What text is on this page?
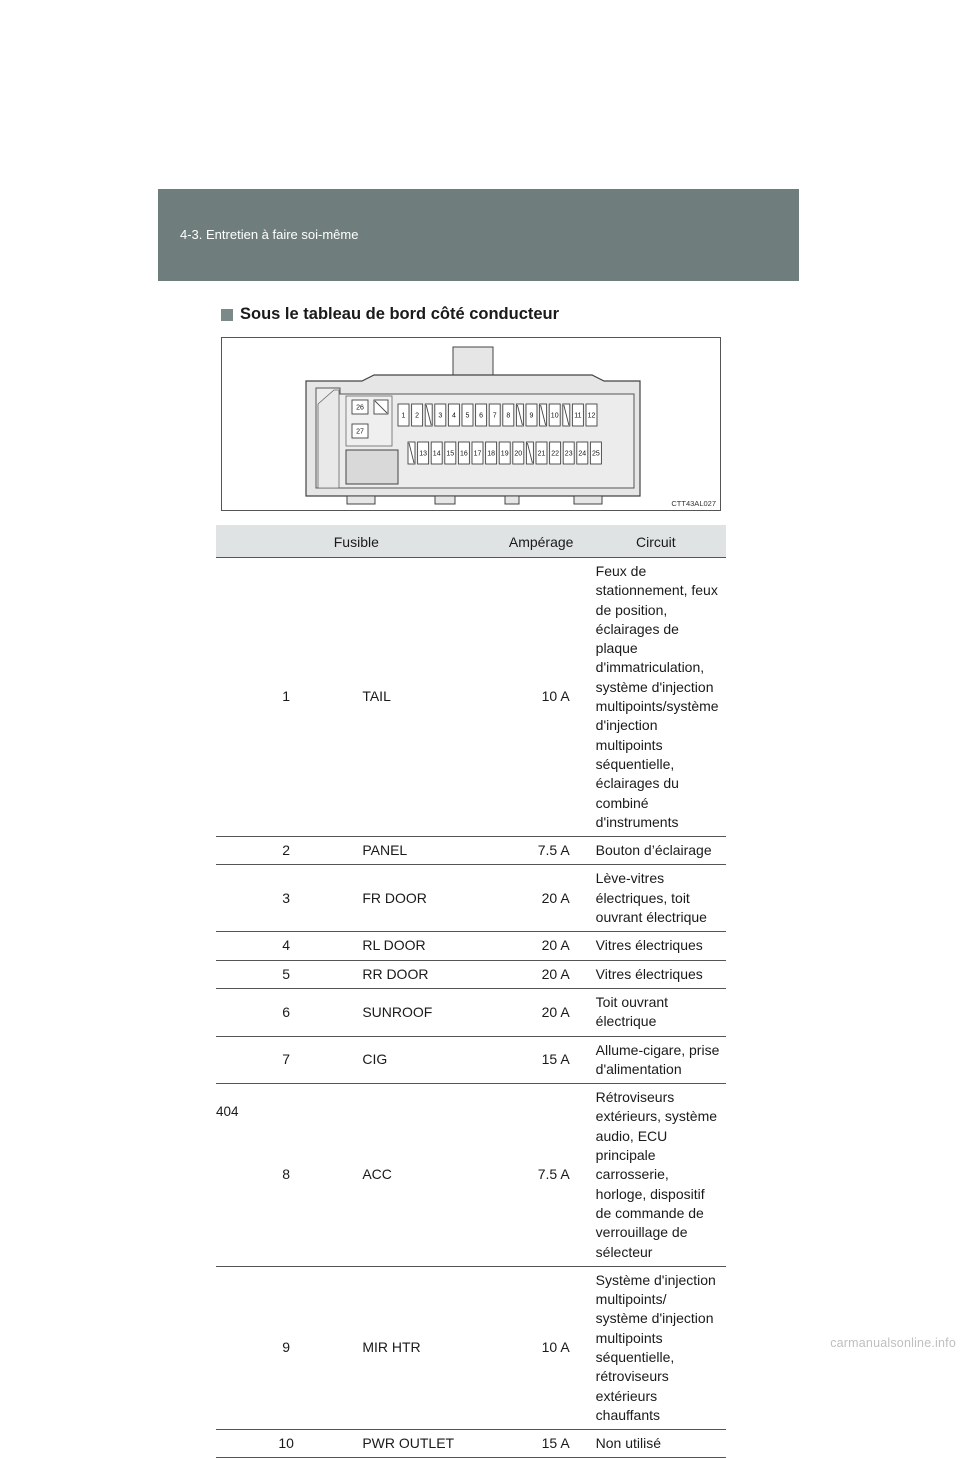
4-3. Entretien à faire soi-même
Sous le tableau de bord côté conducteur
26
27
1 2	3 4 5 6 7 8	9 10 11 12
13 14 15 16 17 18 19 20 21 22 23 24 25
CTT43AL027
Fusible		Ampérage	Circuit
1	TAIL	10 A	Feux de stationnement, feux de position, éclairages de plaque d'immatriculation, système d'injection multipoints/système d'injection multipoints séquentielle, éclairages du combiné d'instruments
2	PANEL	7.5 A	Bouton d’éclairage
3	FR DOOR	20 A	Lève-vitres électriques, toit ouvrant électrique
4	RL DOOR	20 A	Vitres électriques
5	RR DOOR	20 A	Vitres électriques
6	SUNROOF	20 A	Toit ouvrant électrique
7	CIG	15 A	Allume-cigare, prise d'alimentation
8	ACC	7.5 A	Rétroviseurs extérieurs, système audio, ECU principale carrosserie, horloge, dispositif de commande de verrouillage de sélecteur
9	MIR HTR	10 A	Système d'injection multipoints/ système d'injection multipoints séquentielle, rétroviseurs extérieurs chauffants
10	PWR OUTLET	15 A	Non utilisé
404
carmanualsonline.info
